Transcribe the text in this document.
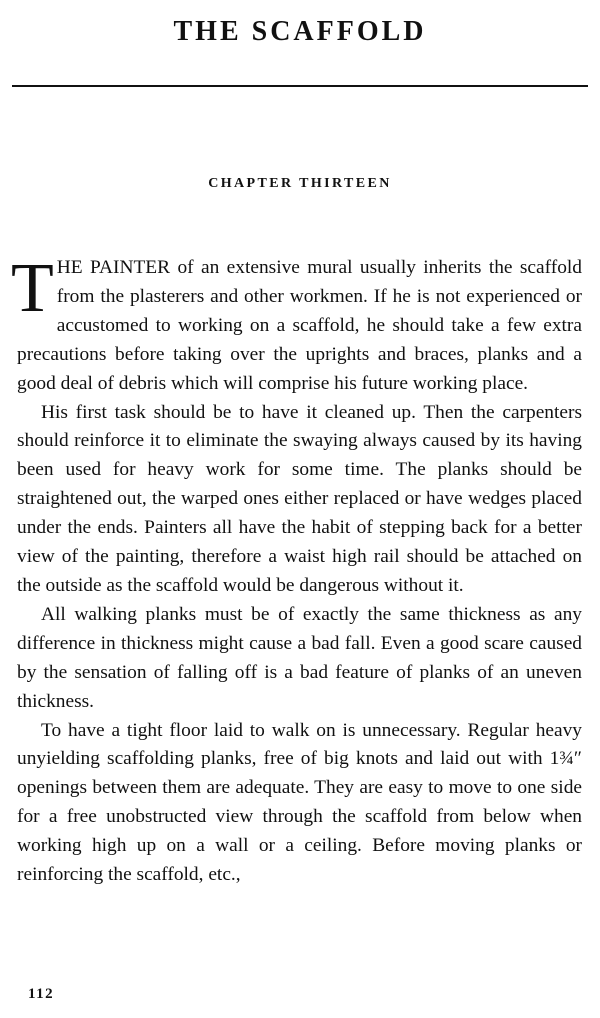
THE SCAFFOLD
CHAPTER THIRTEEN

THE PAINTER of an extensive mural usually inherits the scaffold from the plasterers and other workmen. If he is not experienced or accustomed to working on a scaffold, he should take a few extra precautions before taking over the uprights and braces, planks and a good deal of debris which will comprise his future working place.

His first task should be to have it cleaned up. Then the carpenters should reinforce it to eliminate the swaying always caused by its having been used for heavy work for some time. The planks should be straightened out, the warped ones either replaced or have wedges placed under the ends. Painters all have the habit of stepping back for a better view of the painting, therefore a waist high rail should be attached on the outside as the scaffold would be dangerous without it.

All walking planks must be of exactly the same thickness as any difference in thickness might cause a bad fall. Even a good scare caused by the sensation of falling off is a bad feature of planks of an uneven thickness.

To have a tight floor laid to walk on is unnecessary. Regular heavy unyielding scaffolding planks, free of big knots and laid out with 1¾″ openings between them are adequate. They are easy to move to one side for a free unobstructed view through the scaffold from below when working high up on a wall or a ceiling. Before moving planks or reinforcing the scaffold, etc.,

112
